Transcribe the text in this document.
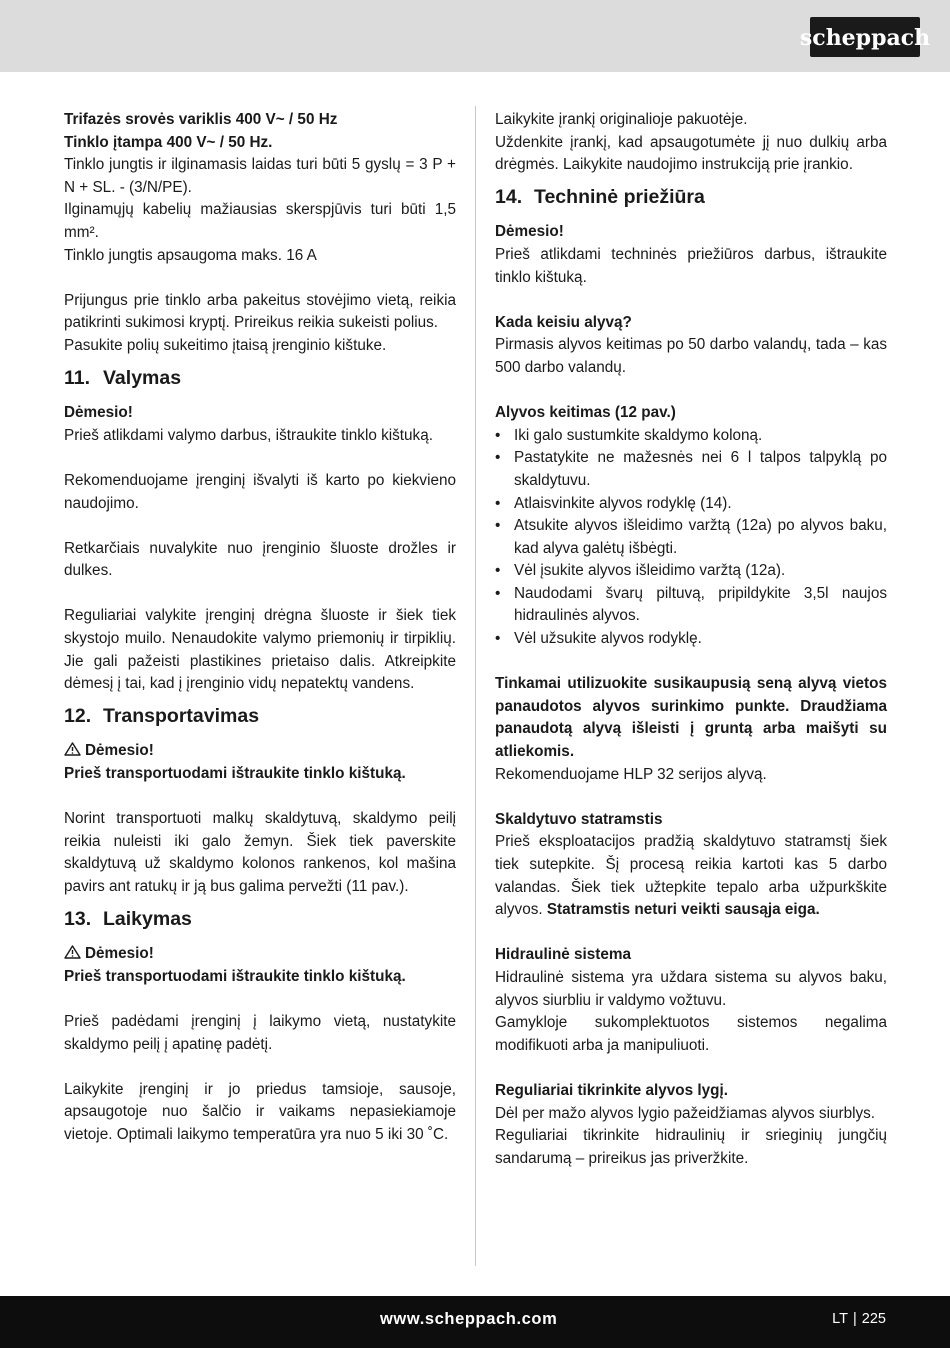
scheppach

Trifazės srovės variklis 400 V~ / 50 Hz

Tinklo įtampa 400 V~ / 50 Hz.

Tinklo jungtis ir ilginamasis laidas turi būti 5 gyslų = 3 P + N + SL. - (3/N/PE).

Ilginamųjų kabelių mažiausias skerspjūvis turi būti 1,5 mm².

Tinklo jungtis apsaugoma maks. 16 A

Prijungus prie tinklo arba pakeitus stovėjimo vietą, reikia patikrinti sukimosi kryptį. Prireikus reikia sukeisti polius.

Pasukite polių sukeitimo įtaisą įrenginio kištuke.

11. Valymas

Dėmesio!

Prieš atlikdami valymo darbus, ištraukite tinklo kištuką.

Rekomenduojame įrenginį išvalyti iš karto po kiekvieno naudojimo.

Retkarčiais nuvalykite nuo įrenginio šluoste drožles ir dulkes.

Reguliariai valykite įrenginį drėgna šluoste ir šiek tiek skystojo muilo. Nenaudokite valymo priemonių ir tirpiklių. Jie gali pažeisti plastikines prietaiso dalis. Atkreipkite dėmesį į tai, kad į įrenginio vidų nepatektų vandens.

12. Transportavimas

Dėmesio!

Prieš transportuodami ištraukite tinklo kištuką.

Norint transportuoti malkų skaldytuvą, skaldymo peilį reikia nuleisti iki galo žemyn. Šiek tiek paverskite skaldytuvą už skaldymo kolonos rankenos, kol mašina pavirs ant ratukų ir ją bus galima pervežti (11 pav.).

13. Laikymas

Dėmesio!

Prieš transportuodami ištraukite tinklo kištuką.

Prieš padėdami įrenginį į laikymo vietą, nustatykite skaldymo peilį į apatinę padėtį.

Laikykite įrenginį ir jo priedus tamsioje, sausoje, apsaugotoje nuo šalčio ir vaikams nepasiekiamoje vietoje. Optimali laikymo temperatūra yra nuo 5 iki 30 ˚C.

Laikykite įrankį originalioje pakuotėje.

Uždenkite įrankį, kad apsaugotumėte jį nuo dulkių arba drėgmės. Laikykite naudojimo instrukciją prie įrankio.

14. Techninė priežiūra

Dėmesio!

Prieš atlikdami techninės priežiūros darbus, ištraukite tinklo kištuką.

Kada keisiu alyvą?

Pirmasis alyvos keitimas po 50 darbo valandų, tada – kas 500 darbo valandų.

Alyvos keitimas (12 pav.)

• Iki galo sustumkite skaldymo koloną.
• Pastatykite ne mažesnės nei 6 l talpos talpyklą po skaldytuvu.
• Atlaisvinkite alyvos rodyklę (14).
• Atsukite alyvos išleidimo varžtą (12a) po alyvos baku, kad alyva galėtų išbėgti.
• Vėl įsukite alyvos išleidimo varžtą (12a).
• Naudodami švarų piltuvą, pripildykite 3,5l naujos hidraulinės alyvos.
• Vėl užsukite alyvos rodyklę.

Tinkamai utilizuokite susikaupusią seną alyvą vietos panaudotos alyvos surinkimo punkte. Draudžiama panaudotą alyvą išleisti į gruntą arba maišyti su atliekomis.

Rekomenduojame HLP 32 serijos alyvą.

Skaldytuvo statramstis

Prieš eksploatacijos pradžią skaldytuvo statramstį šiek tiek sutepkite. Šį procesą reikia kartoti kas 5 darbo valandas. Šiek tiek užtepkite tepalo arba užpurkškite alyvos. Statramstis neturi veikti sausąja eiga.

Hidraulinė sistema

Hidraulinė sistema yra uždara sistema su alyvos baku, alyvos siurbliu ir valdymo vožtuvu.

Gamykloje sukomplektuotos sistemos negalima modifikuoti arba ja manipuliuoti.

Reguliariai tikrinkite alyvos lygį.

Dėl per mažo alyvos lygio pažeidžiamas alyvos siurblys.

Reguliariai tikrinkite hidraulinių ir srieginių jungčių sandarumą – prireikus jas priveržkite.

www.scheppach.com	LT | 225
